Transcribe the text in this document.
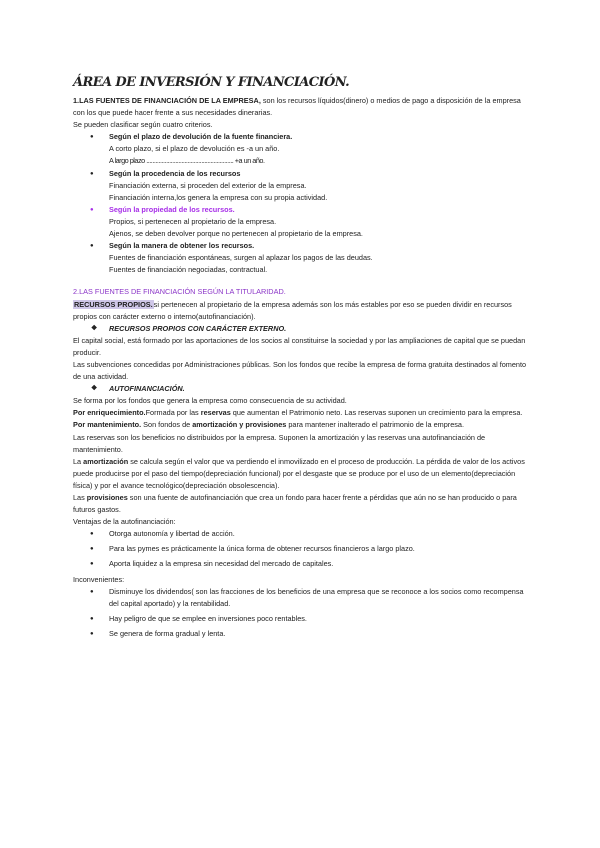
ÁREA DE INVERSIÓN Y FINANCIACIÓN.

1.LAS FUENTES DE FINANCIACIÓN DE LA EMPRESA, son los recursos líquidos(dinero) o medios de pago a disposición de la empresa con los que puede hacer frente a sus necesidades dinerarias.

Se pueden clasificar según cuatro criterios.

● Según el plazo de devolución de la fuente financiera.
A corto plazo, si el plazo de devolución es -a un año.
A largo plazo ......................................................... +a un año.
● Según la procedencia de los recursos
Financiación externa, si proceden del exterior de la empresa.
Financiación interna,los genera la empresa con su propia actividad.
● Según la propiedad de los recursos.
Propios, si pertenecen al propietario de la empresa.
Ajenos, se deben devolver porque no pertenecen al propietario de la empresa.
● Según la manera de obtener los recursos.
Fuentes de financiación espontáneas, surgen al aplazar los pagos de las deudas.
Fuentes de financiación negociadas, contractual.

2.LAS FUENTES DE FINANCIACIÓN SEGÚN LA TITULARIDAD.

RECURSOS PROPIOS.si pertenecen al propietario de la empresa además son los más estables por eso se pueden dividir en recursos propios con carácter externo o interno(autofinanciación).

❖ RECURSOS PROPIOS CON CARÁCTER EXTERNO.

El capital social, está formado por las aportaciones de los socios al constituirse la sociedad y por las ampliaciones de capital que se puedan producir.

Las subvenciones concedidas por Administraciones públicas. Son los fondos que recibe la empresa de forma gratuita destinados al fomento de una actividad.

❖ AUTOFINANCIACIÓN.

Se forma por los fondos que genera la empresa como consecuencia de su actividad.

Por enriquecimiento.Formada por las reservas que aumentan el Patrimonio neto. Las reservas suponen un crecimiento para la empresa.

Por mantenimiento. Son fondos de amortización y provisiones para mantener inalterado el patrimonio de la empresa.

Las reservas son los beneficios no distribuidos por la empresa. Suponen la amortización y las reservas una autofinanciación de mantenimiento.

La amortización se calcula según el valor que va perdiendo el inmovilizado en el proceso de producción. La pérdida de valor de los activos puede producirse por el paso del tiempo(depreciación funcional) por el desgaste que se produce por el uso de un elemento(depreciación física) y por el avance tecnológico(depreciación obsolescencia).

Las provisiones son una fuente de autofinanciación que crea un fondo para hacer frente a pérdidas que aún no se han producido o para futuros gastos.

Ventajas de la autofinanciación:

● Otorga autonomía y libertad de acción.
● Para las pymes es prácticamente la única forma de obtener recursos financieros a largo plazo.
● Aporta liquidez a la empresa sin necesidad del mercado de capitales.

Inconvenientes:

● Disminuye los dividendos( son las fracciones de los beneficios de una empresa que se reconoce a los socios como recompensa del capital aportado) y la rentabilidad.
● Hay peligro de que se emplee en inversiones poco rentables.
● Se genera de forma gradual y lenta.
